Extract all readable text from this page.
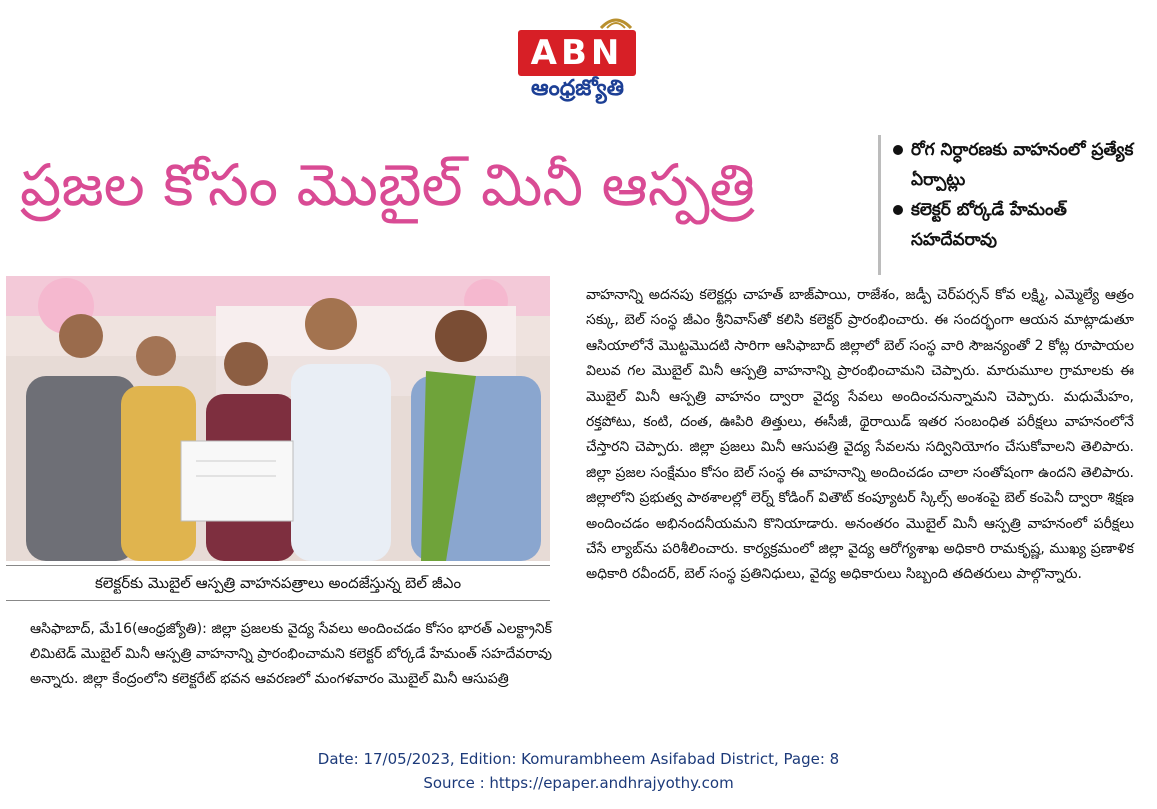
ABN
ఆంధ్రజ్యోతి
ప్రజల కోసం మొబైల్ మినీ ఆస్పత్రి
రోగ నిర్ధారణకు వాహనంలో ప్రత్యేక ఏర్పాట్లు
కలెక్టర్ బోర్కడే హేమంత్ సహదేవరావు
కలెక్టర్‌కు మొబైల్ ఆస్పత్రి వాహనపత్రాలు అందజేస్తున్న బెల్ జీఎం
ఆసిఫాబాద్, మే16(ఆంధ్రజ్యోతి): జిల్లా ప్రజలకు వైద్య సేవలు అందించడం కోసం భారత్ ఎలక్ట్రానిక్ లిమిటెడ్ మొబైల్ మినీ ఆస్పత్రి వాహనాన్ని ప్రారంభించామని కలెక్టర్ బోర్కడే హేమంత్ సహదేవరావు అన్నారు. జిల్లా కేంద్రంలోని కలెక్టరేట్ భవన ఆవరణలో మంగళవారం మొబైల్ మినీ ఆసుపత్రి
వాహనాన్ని అదనపు కలెక్టర్లు చాహత్ బాజ్‌పాయి, రాజేశం, జడ్పీ చెర్‌పర్సన్ కోవ లక్ష్మి, ఎమ్మెల్యే ఆత్రం సక్కు, బెల్ సంస్థ జీఎం శ్రీనివాస్‌తో కలిసి కలెక్టర్ ప్రారంభించారు. ఈ సందర్భంగా ఆయన మాట్లాడుతూ ఆసియాలోనే మొట్టమొదటి సారిగా ఆసిఫాబాద్ జిల్లాలో బెల్ సంస్థ వారి సౌజన్యంతో 2 కోట్ల రూపాయల విలువ గల మొబైల్ మినీ ఆస్పత్రి వాహనాన్ని ప్రారంభించామని చెప్పారు. మారుమూల గ్రామాలకు ఈ మొబైల్ మినీ ఆస్పత్రి వాహనం ద్వారా వైద్య సేవలు అందించనున్నామని చెప్పారు. మధుమేహం, రక్తపోటు, కంటి, దంత, ఊపిరి తిత్తులు, ఈసీజీ, థైరాయిడ్ ఇతర సంబంధిత పరీక్షలు వాహనంలోనే చేస్తారని చెప్పారు. జిల్లా ప్రజలు మినీ ఆసుపత్రి వైద్య సేవలను సద్వినియోగం చేసుకోవాలని తెలిపారు. జిల్లా ప్రజల సంక్షేమం కోసం బెల్ సంస్థ ఈ వాహనాన్ని అందించడం చాలా సంతోషంగా ఉందని తెలిపారు. జిల్లాలోని ప్రభుత్వ పాఠశాలల్లో లెర్న్ కోడింగ్ వితౌట్ కంప్యూటర్ స్కిల్స్ అంశంపై బెల్ కంపెనీ ద్వారా శిక్షణ అందించడం అభినందనీయమని కొనియాడారు. అనంతరం మొబైల్ మినీ ఆస్పత్రి వాహనంలో పరీక్షలు చేసే ల్యాబ్‌ను పరిశీలించారు. కార్యక్రమంలో జిల్లా వైద్య ఆరోగ్యశాఖ అధికారి రామకృష్ణ, ముఖ్య ప్రణాళిక అధికారి రవీందర్, బెల్ సంస్థ ప్రతినిధులు, వైద్య అధికారులు సిబ్బంది తదితరులు పాల్గొన్నారు.
Date: 17/05/2023, Edition: Komurambheem Asifabad District, Page: 8
Source : https://epaper.andhrajyothy.com
